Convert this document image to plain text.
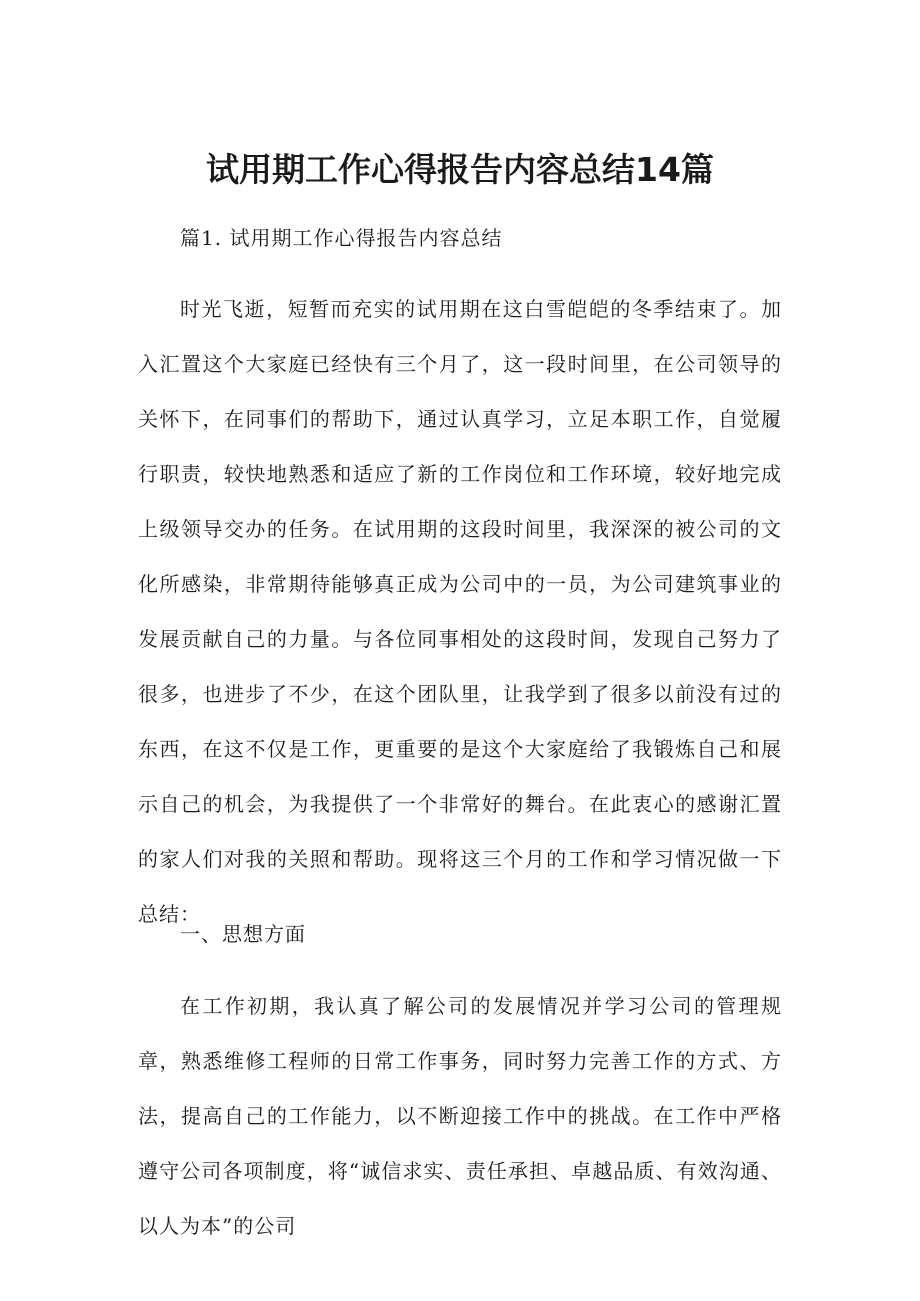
试用期工作心得报告内容总结14篇

篇1. 试用期工作心得报告内容总结

时光飞逝，短暂而充实的试用期在这白雪皑皑的冬季结束了。加入汇置这个大家庭已经快有三个月了，这一段时间里，在公司领导的关怀下，在同事们的帮助下，通过认真学习，立足本职工作，自觉履行职责，较快地熟悉和适应了新的工作岗位和工作环境，较好地完成上级领导交办的任务。在试用期的这段时间里，我深深的被公司的文化所感染，非常期待能够真正成为公司中的一员，为公司建筑事业的发展贡献自己的力量。与各位同事相处的这段时间，发现自己努力了很多，也进步了不少，在这个团队里，让我学到了很多以前没有过的东西，在这不仅是工作，更重要的是这个大家庭给了我锻炼自己和展示自己的机会，为我提供了一个非常好的舞台。在此衷心的感谢汇置的家人们对我的关照和帮助。现将这三个月的工作和学习情况做一下总结：

一、思想方面

在工作初期，我认真了解公司的发展情况并学习公司的管理规章，熟悉维修工程师的日常工作事务，同时努力完善工作的方式、方法，提高自己的工作能力，以不断迎接工作中的挑战。在工作中严格遵守公司各项制度，将“诚信求实、责任承担、卓越品质、有效沟通、以人为本”的公司
